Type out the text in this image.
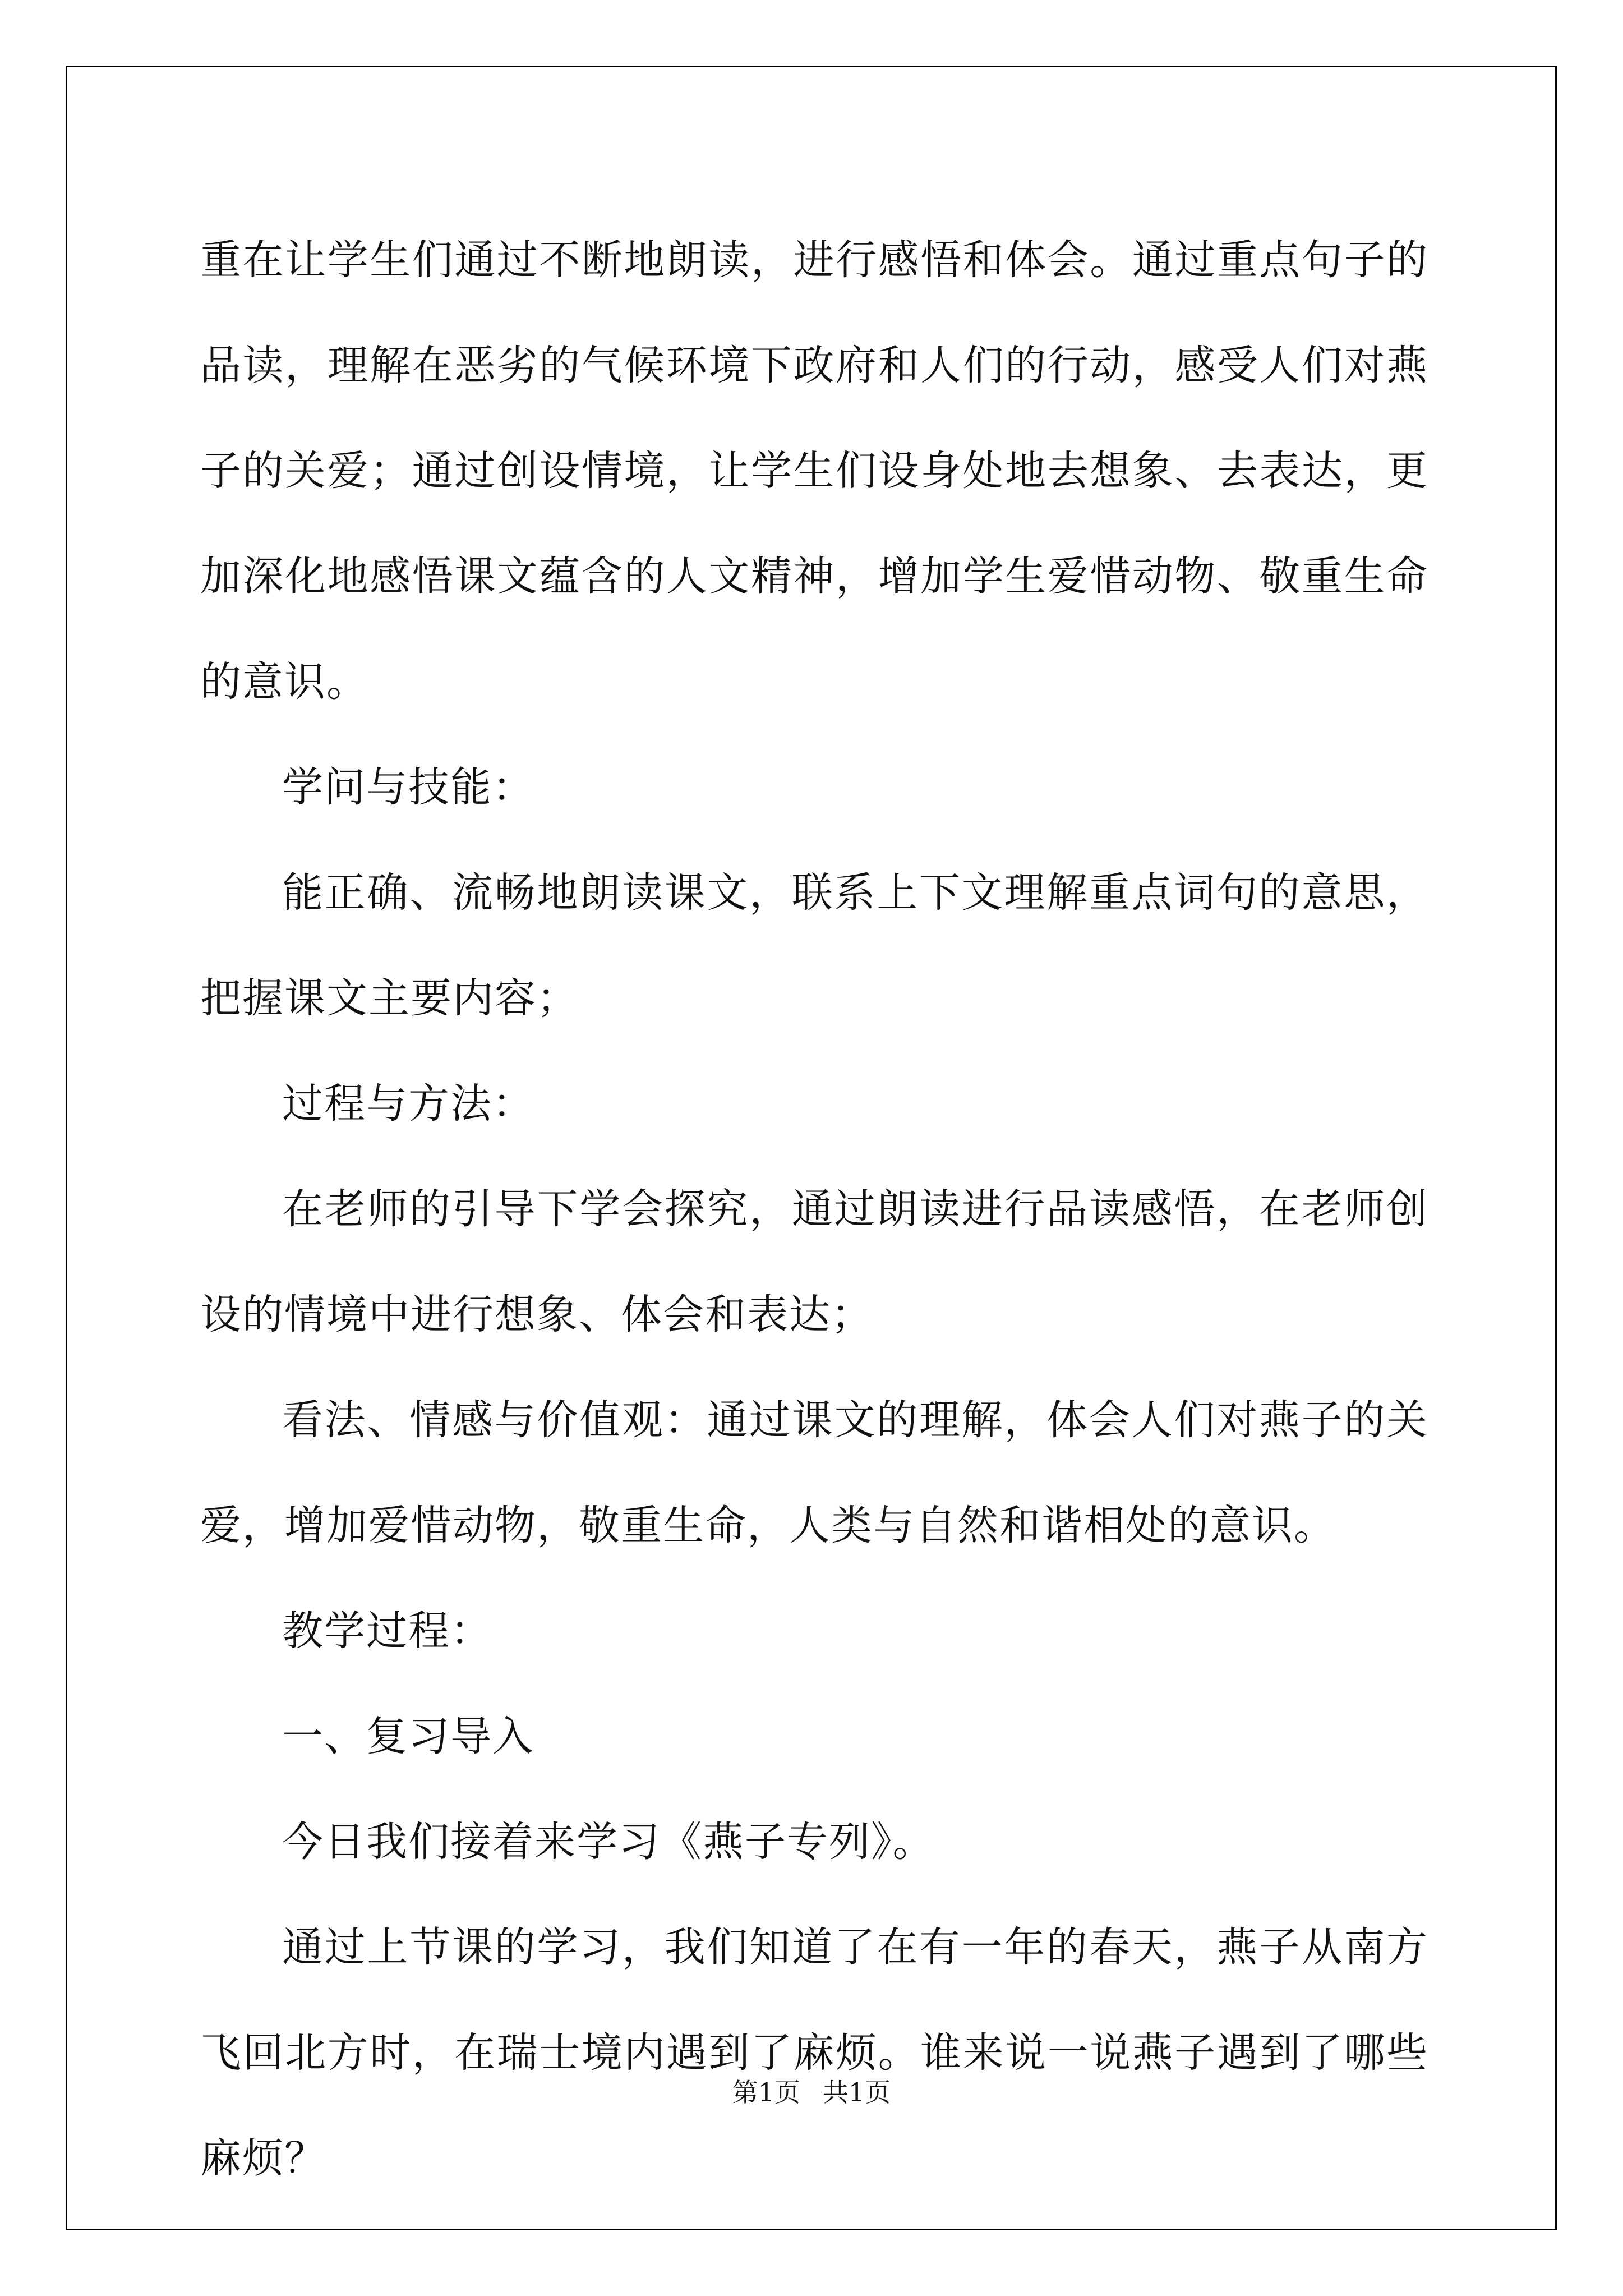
重在让学生们通过不断地朗读，进行感悟和体会。通过重点句子的品读，理解在恶劣的气候环境下政府和人们的行动，感受人们对燕子的关爱；通过创设情境，让学生们设身处地去想象、去表达，更加深化地感悟课文蕴含的人文精神，增加学生爱惜动物、敬重生命的意识。

学问与技能：

能正确、流畅地朗读课文，联系上下文理解重点词句的意思，把握课文主要内容；

过程与方法：

在老师的引导下学会探究，通过朗读进行品读感悟，在老师创设的情境中进行想象、体会和表达；

看法、情感与价值观：通过课文的理解，体会人们对燕子的关爱，增加爱惜动物，敬重生命，人类与自然和谐相处的意识。

教学过程：

一、复习导入

今日我们接着来学习《燕子专列》。

通过上节课的学习，我们知道了在有一年的春天，燕子从南方飞回北方时，在瑞士境内遇到了麻烦。谁来说一说燕子遇到了哪些麻烦？

第1页 共1页
